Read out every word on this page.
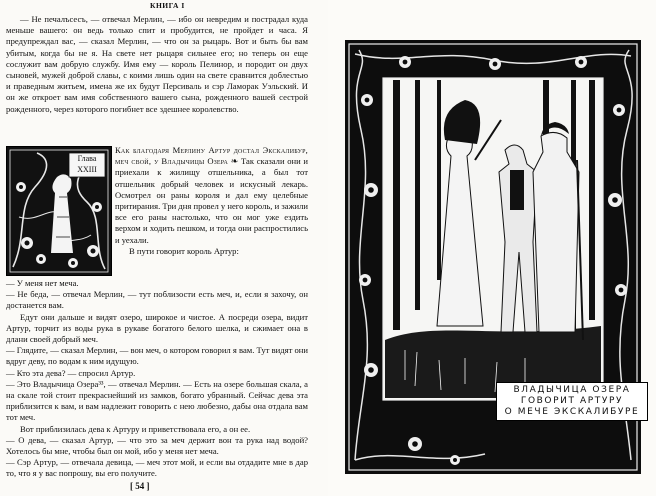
КНИГА I

— Не печалъсесъ, — отвечал Мерлин, — ибо он невредим и пострадал куда меньше вашего: он ведь только спит и пробудится, не пройдет и часа. Я предупреждал вас, — сказал Мерлин, — что он за рыцарь. Вот и быть бы вам убитым, когда бы не я. На свете нет рыцаря сильнее его; но теперь он еще сослужит вам добрую службу. Имя ему — король Пелинор, и породит он двух сыновей, мужей доброй славы, с коими лишь один на свете сравнится доблестью и праведным житьем, имена же их будут Персиваль и сэр Ламорак Уэльский. И он же откроет вам имя собственного вашего сына, рожденного вашей сестрой рожденного, через которого погибнет все здешнее королевство.

Глава
XXIII

Как благодаря Мерлину Артур достал Экскалибур, меч свой, у Владычицы Озера ❧ Так сказали они и приехали к жилищу отшельника, а был тот отшельник добрый человек и искусный лекарь. Осмотрел он раны короля и дал ему целебные притирания. Три дня провел у него король, и зажили все его раны настолько, что он мог уже ездить верхом и ходить пешком, и тогда они распростились и уехали.

В пути говорит король Артур:

— У меня нет меча.

— Не беда, — отвечал Мерлин, — тут поблизости есть меч, и, если я захочу, он достанется вам.

Едут они дальше и видят озеро, широкое и чистое. А посреди озера, видит Артур, торчит из воды рука в рукаве богатого белого шелка, и сжимает она в длани своей добрый меч.

— Глядите, — сказал Мерлин, — вон меч, о котором говорил я вам. Тут видят они вдруг деву, по водам к ним идущую.

— Кто эта дева? — спросил Артур.

— Это Владычица Озера³³, — отвечал Мерлин. — Есть на озере большая скала, а на скале той стоит прекраснейший из замков, богато убранный. Сейчас дева эта приблизится к вам, и вам надлежит говорить с нею любезно, дабы она отдала вам тот меч.

Вот приблизилась дева к Артуру и приветствовала его, а он ее.

— О дева, — сказал Артур, — что это за меч держит вон та рука над водой? Хотелось бы мне, чтобы был он мой, ибо у меня нет меча.

— Сэр Артур, — отвечала девица, — меч этот мой, и если вы отдадите мне в дар то, что я у вас попрошу, вы его получите.

[ 54 ]
ВЛАДЫЧИЦА ОЗЕРА
ГОВОРИТ АРТУРУ
О МЕЧЕ ЭКСКАЛИБУРЕ
